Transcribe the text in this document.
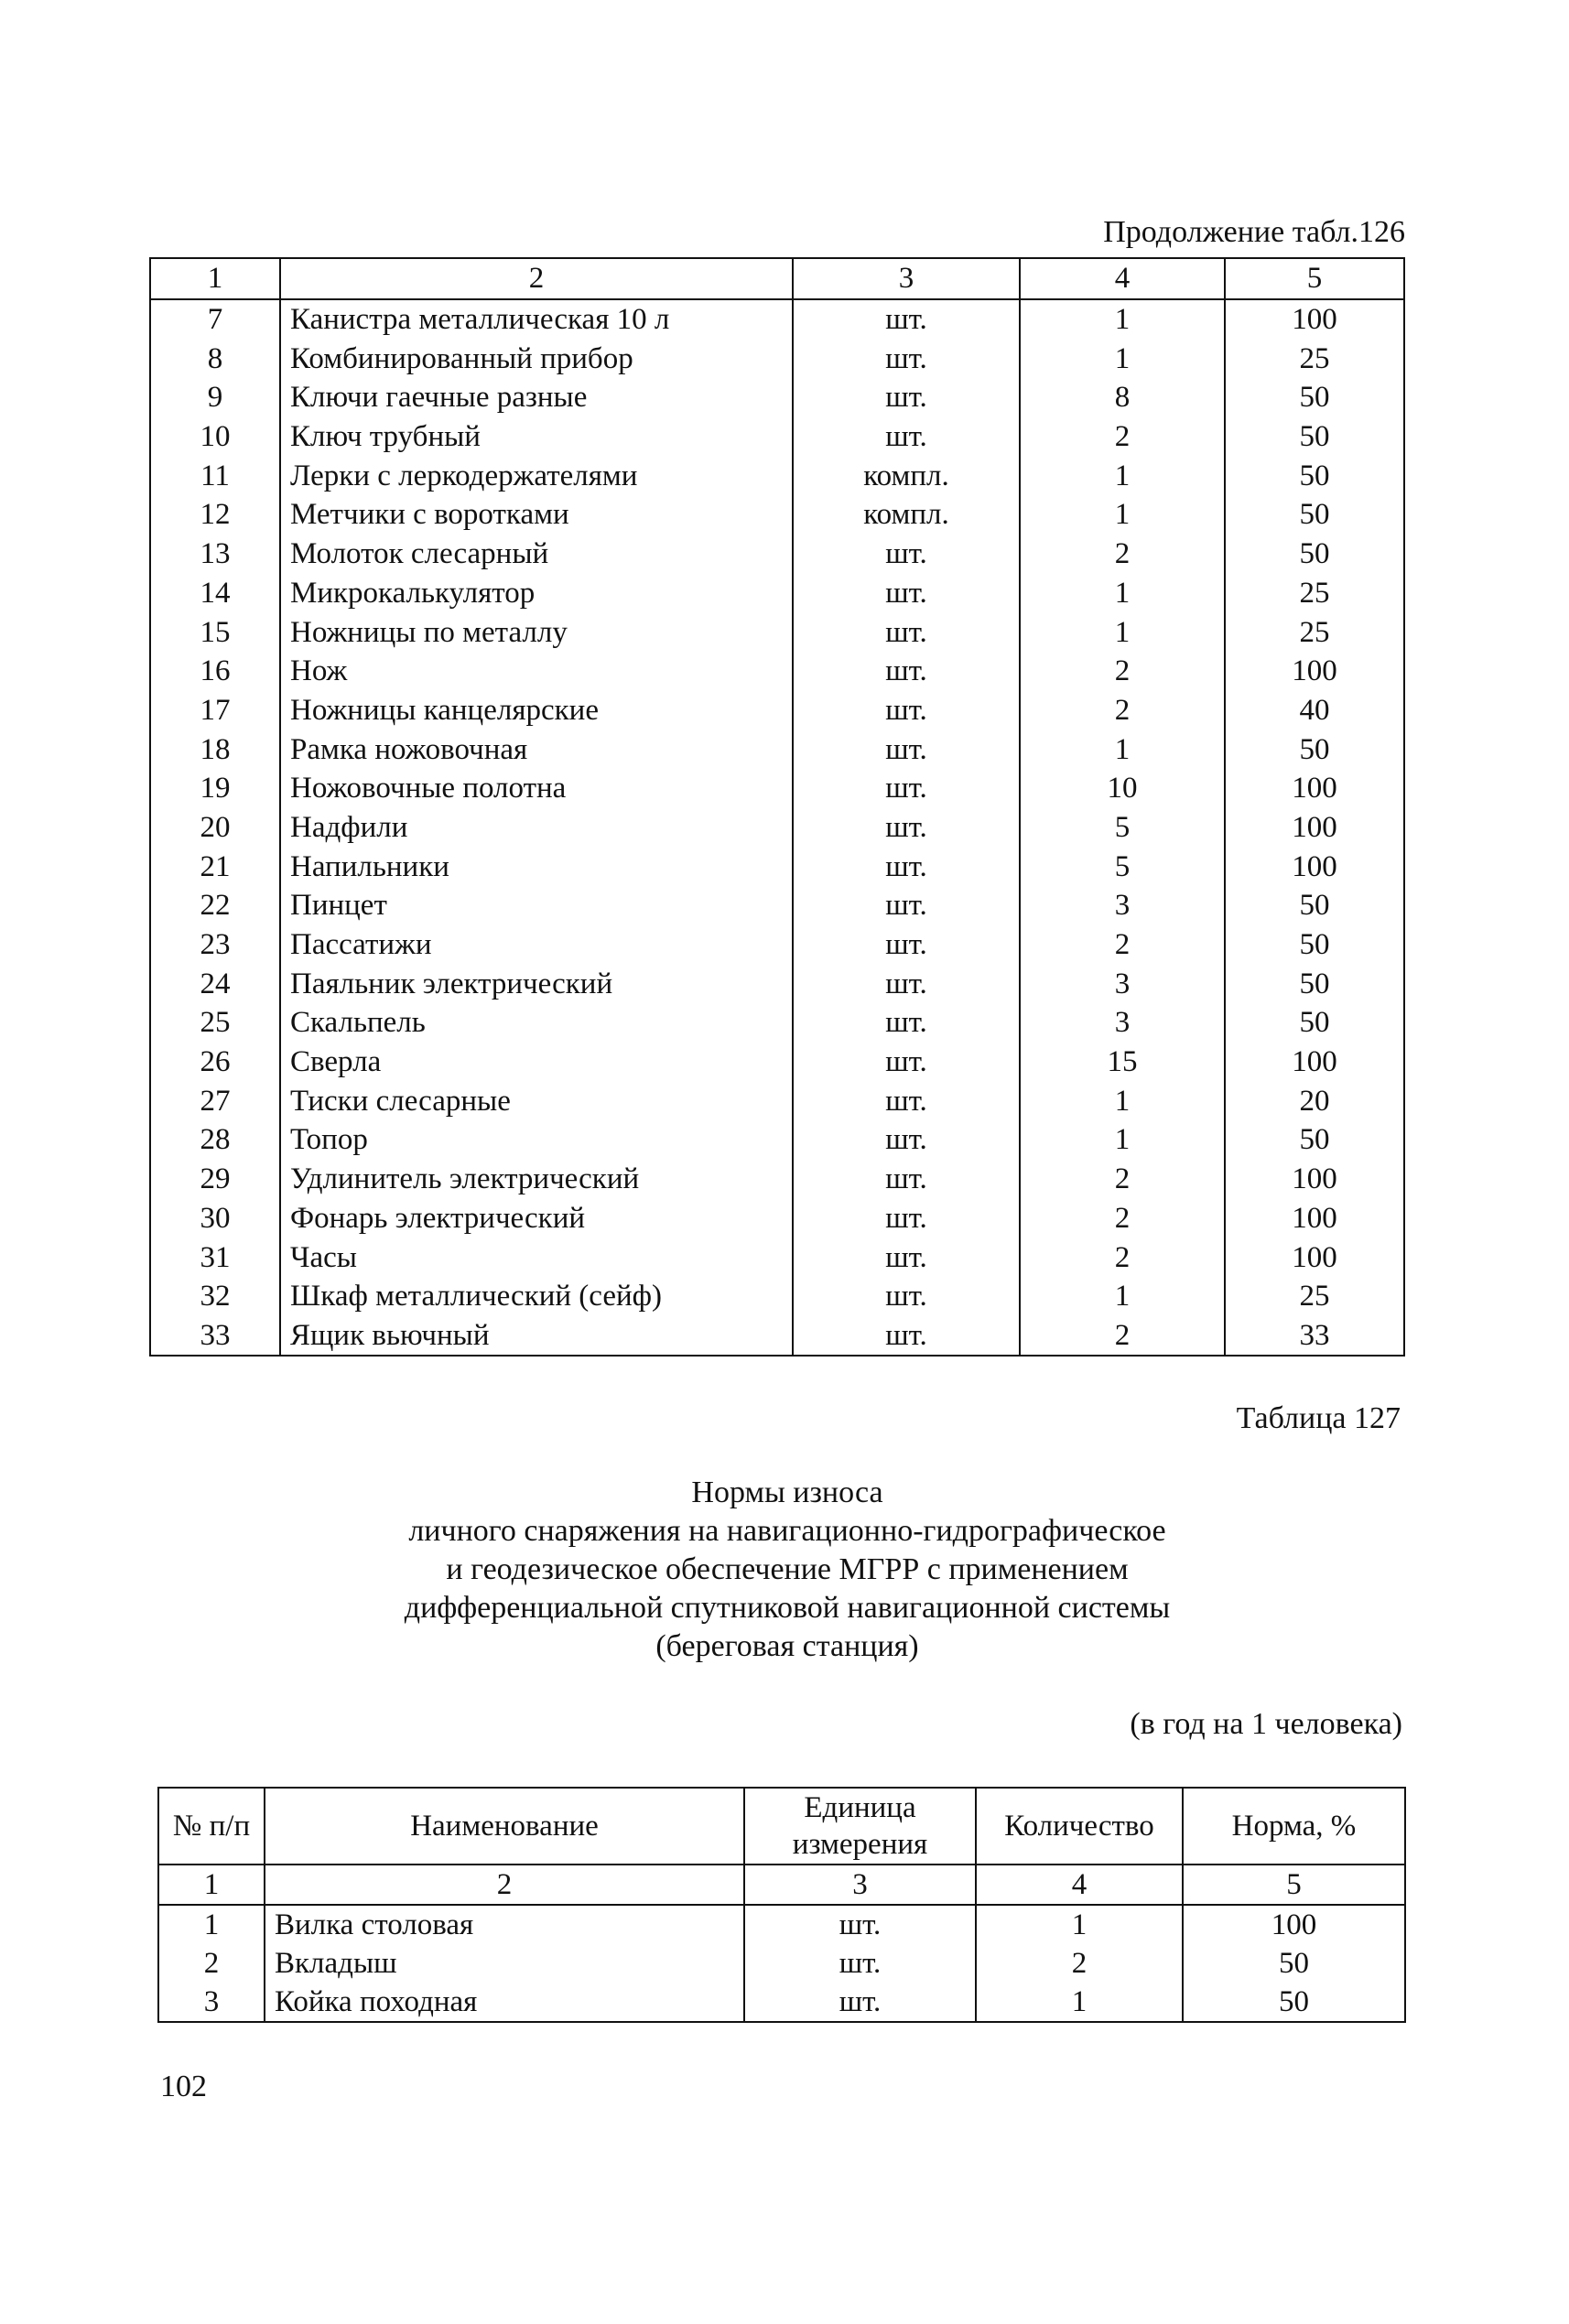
Продолжение табл.126
1	2	3	4	5
7	Канистра металлическая 10 л	шт.	1	100
8	Комбинированный прибор	шт.	1	25
9	Ключи гаечные разные	шт.	8	50
10	Ключ трубный	шт.	2	50
11	Лерки с леркодержателями	компл.	1	50
12	Метчики с воротками	компл.	1	50
13	Молоток слесарный	шт.	2	50
14	Микрокалькулятор	шт.	1	25
15	Ножницы по металлу	шт.	1	25
16	Нож	шт.	2	100
17	Ножницы канцелярские	шт.	2	40
18	Рамка ножовочная	шт.	1	50
19	Ножовочные полотна	шт.	10	100
20	Надфили	шт.	5	100
21	Напильники	шт.	5	100
22	Пинцет	шт.	3	50
23	Пассатижи	шт.	2	50
24	Паяльник электрический	шт.	3	50
25	Скальпель	шт.	3	50
26	Сверла	шт.	15	100
27	Тиски слесарные	шт.	1	20
28	Топор	шт.	1	50
29	Удлинитель электрический	шт.	2	100
30	Фонарь электрический	шт.	2	100
31	Часы	шт.	2	100
32	Шкаф металлический (сейф)	шт.	1	25
33	Ящик вьючный	шт.	2	33
Таблица 127
Нормы износа
личного снаряжения на навигационно-гидрографическое
и геодезическое обеспечение МГРР с применением
дифференциальной спутниковой навигационной системы
(береговая станция)
(в год на 1 человека)
№ п/п	Наименование	Единица измерения	Количество	Норма, %
1	2	3	4	5
1	Вилка столовая	шт.	1	100
2	Вкладыш	шт.	2	50
3	Койка походная	шт.	1	50
102
